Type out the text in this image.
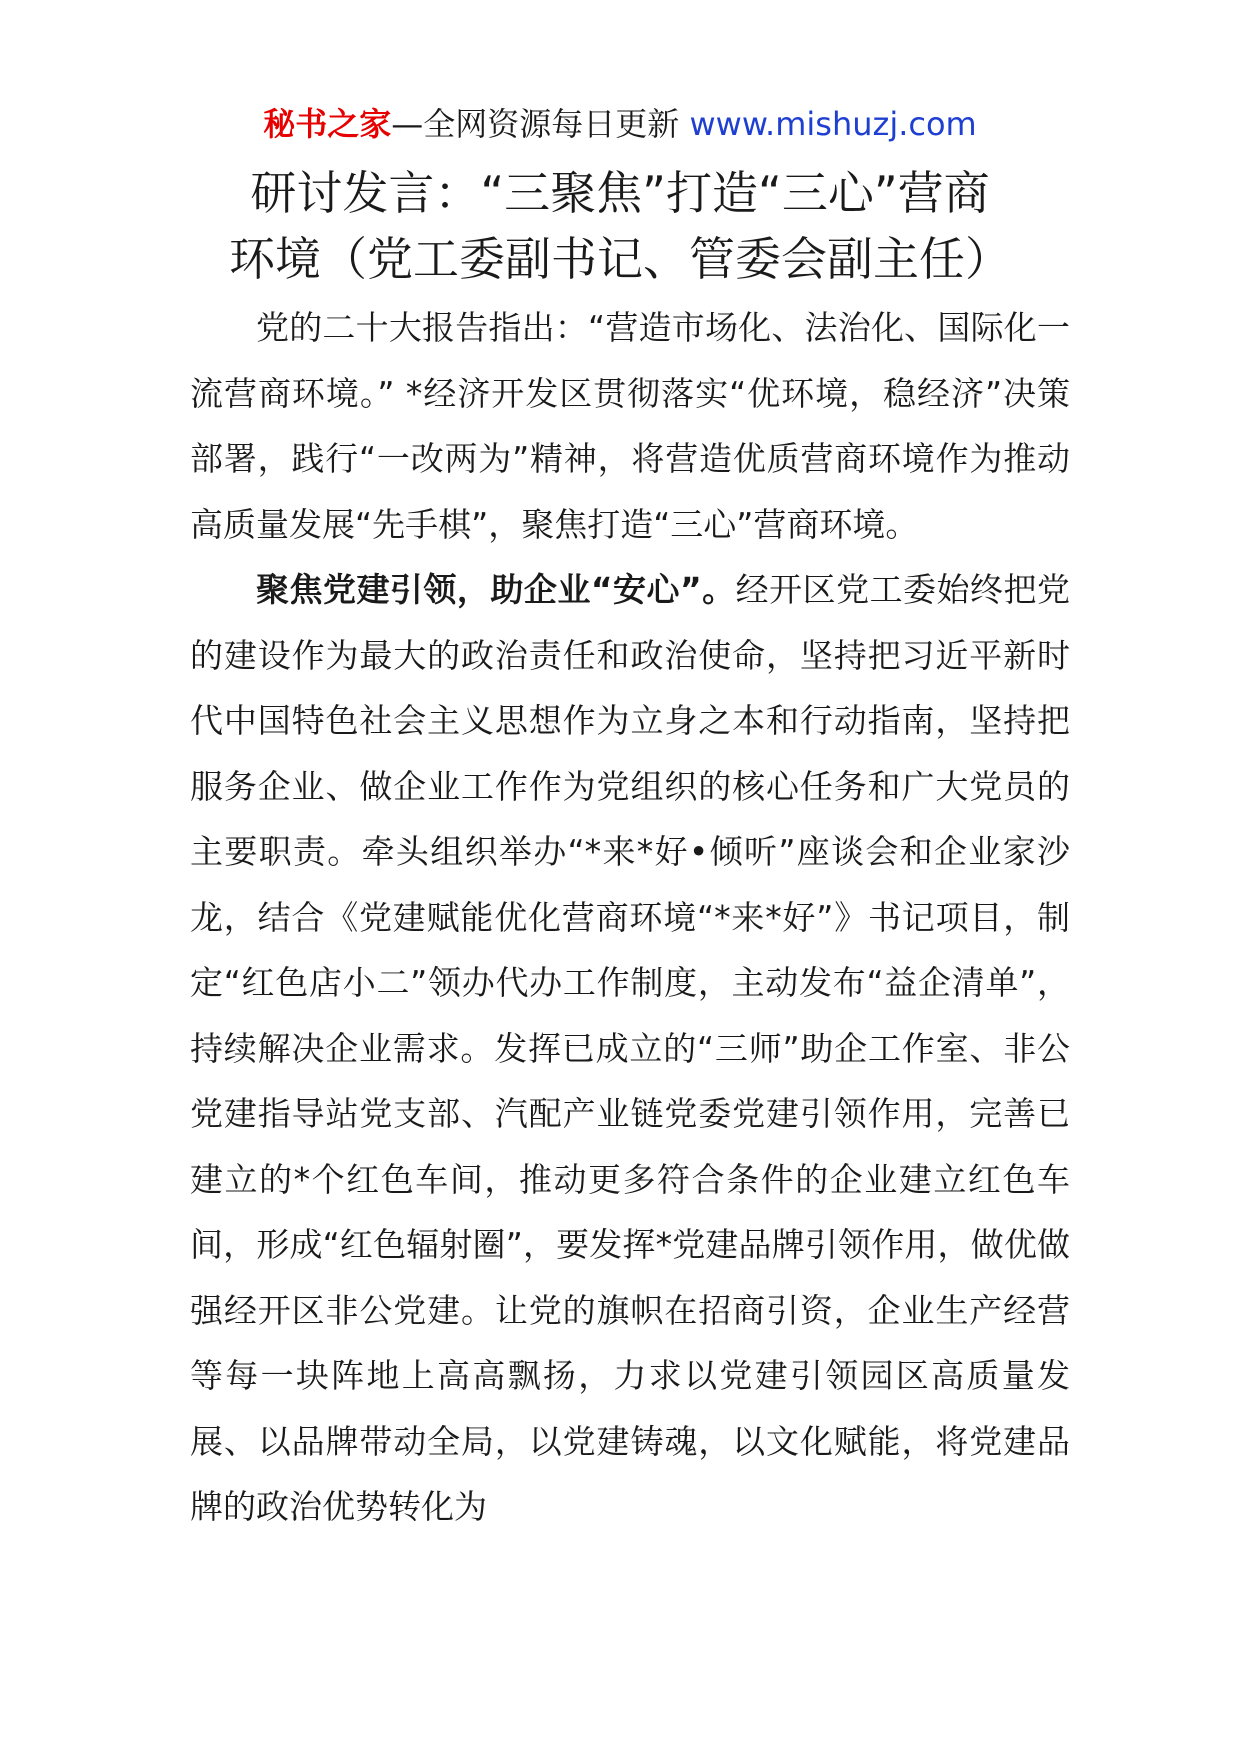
秘书之家—全网资源每日更新 www.mishuzj.com
研讨发言：“三聚焦”打造“三心”营商
环境（党工委副书记、管委会副主任）

党的二十大报告指出：“营造市场化、法治化、国际化一流营商环境。” *经济开发区贯彻落实“优环境，稳经济”决策部署，践行“一改两为”精神，将营造优质营商环境作为推动高质量发展“先手棋”，聚焦打造“三心”营商环境。

聚焦党建引领，助企业“安心”。经开区党工委始终把党的建设作为最大的政治责任和政治使命，坚持把习近平新时代中国特色社会主义思想作为立身之本和行动指南，坚持把服务企业、做企业工作作为党组织的核心任务和广大党员的主要职责。牵头组织举办“*来*好•倾听”座谈会和企业家沙龙，结合《党建赋能优化营商环境“*来*好”》书记项目，制定“红色店小二”领办代办工作制度，主动发布“益企清单”，持续解决企业需求。发挥已成立的“三师”助企工作室、非公党建指导站党支部、汽配产业链党委党建引领作用，完善已建立的*个红色车间，推动更多符合条件的企业建立红色车间，形成“红色辐射圈”，要发挥*党建品牌引领作用，做优做强经开区非公党建。让党的旗帜在招商引资，企业生产经营等每一块阵地上高高飘扬，力求以党建引领园区高质量发展、以品牌带动全局，以党建铸魂，以文化赋能，将党建品牌的政治优势转化为
